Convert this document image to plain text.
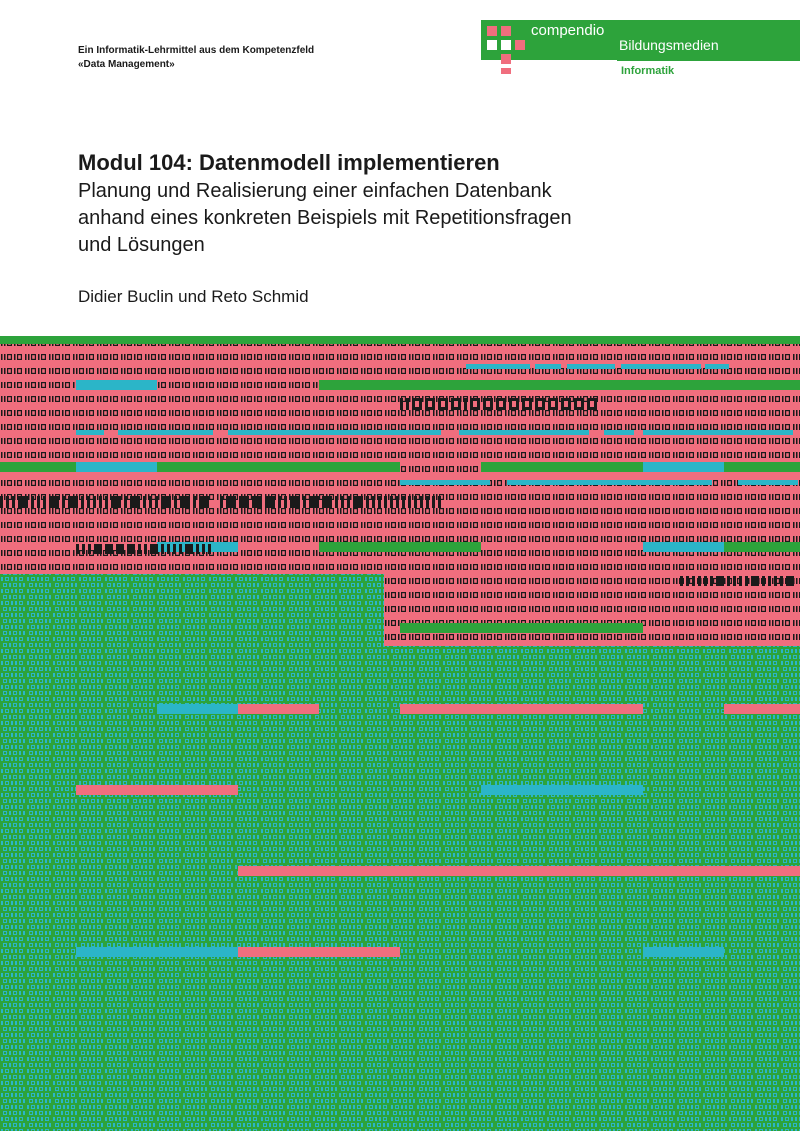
Ein Informatik-Lehrmittel aus dem Kompetenzfeld
«Data Management»
compendio
Bildungsmedien
Informatik
Modul 104: Datenmodell implementieren
Planung und Realisierung einer einfachen Datenbank
anhand eines konkreten Beispiels mit Repetitionsfragen
und Lösungen
Didier Buclin und Reto Schmid
